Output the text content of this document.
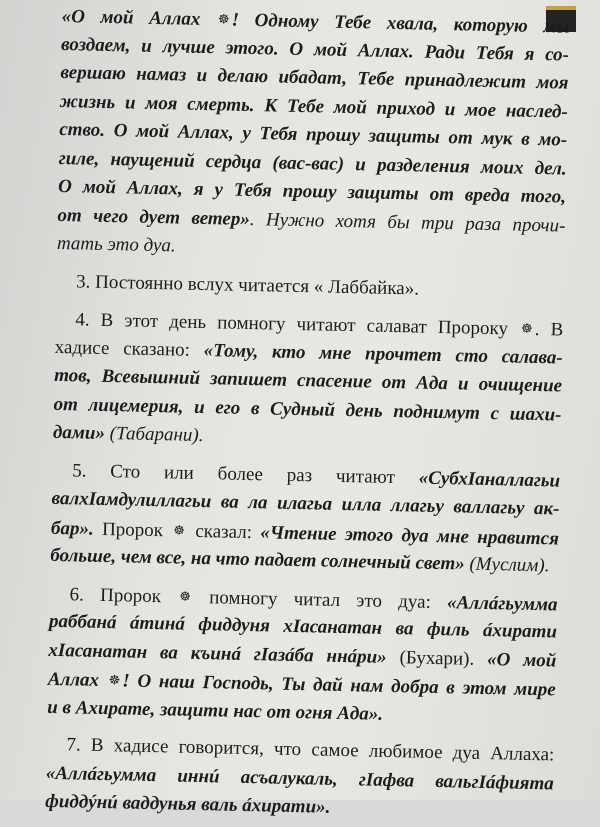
«О мой Аллах ☸! Одному Тебе хвала, которую мы
воздаем, и лучше этого. О мой Аллах. Ради Тебя я со-
вершаю намаз и делаю ибадат, Тебе принадлежит моя
жизнь и моя смерть. К Тебе мой приход и мое наслед-
ство. О мой Аллах, у Тебя прошу защиты от мук в мо-
гиле, наущений сердца (вас-вас) и разделения моих дел.
О мой Аллах, я у Тебя прошу защиты от вреда того,
от чего дует ветер». Нужно хотя бы три раза прочи-
тать это дуа.
3. Постоянно вслух читается « Лаббайка».
4. В этот день помногу читают салават Пророку ☸. В
хадисе сказано: «Тому, кто мне прочтет сто салава-
тов, Всевышний запишет спасение от Ада и очищение
от лицемерия, и его в Судный день поднимут с шахи-
дами» (Табарани).
5. Сто или более раз читают «СубхIаналлагьи
валхIамдулиллагьи ва ла илагьа илла ллагьу валлагьу ак-
бар». Пророк ☸ сказал: «Чтение этого дуа мне нравится
больше, чем все, на что падает солнечный свет» (Муслим).
6. Пророк ☸ помногу читал это дуа: «Аллáгьумма
раббанá áтинá фиддуня хIасанатан ва филь áхирати
хIасанатан ва къинá гIазáба ннáри» (Бухари). «О мой
Аллах ☸! О наш Господь, Ты дай нам добра в этом мире
и в Ахирате, защити нас от огня Ада».
7. В хадисе говорится, что самое любимое дуа Аллаха:
«Аллáгьумма иннú асъалукаль, гIафва вальгIáфията
фиддýнú ваддунья валь áхирати».
